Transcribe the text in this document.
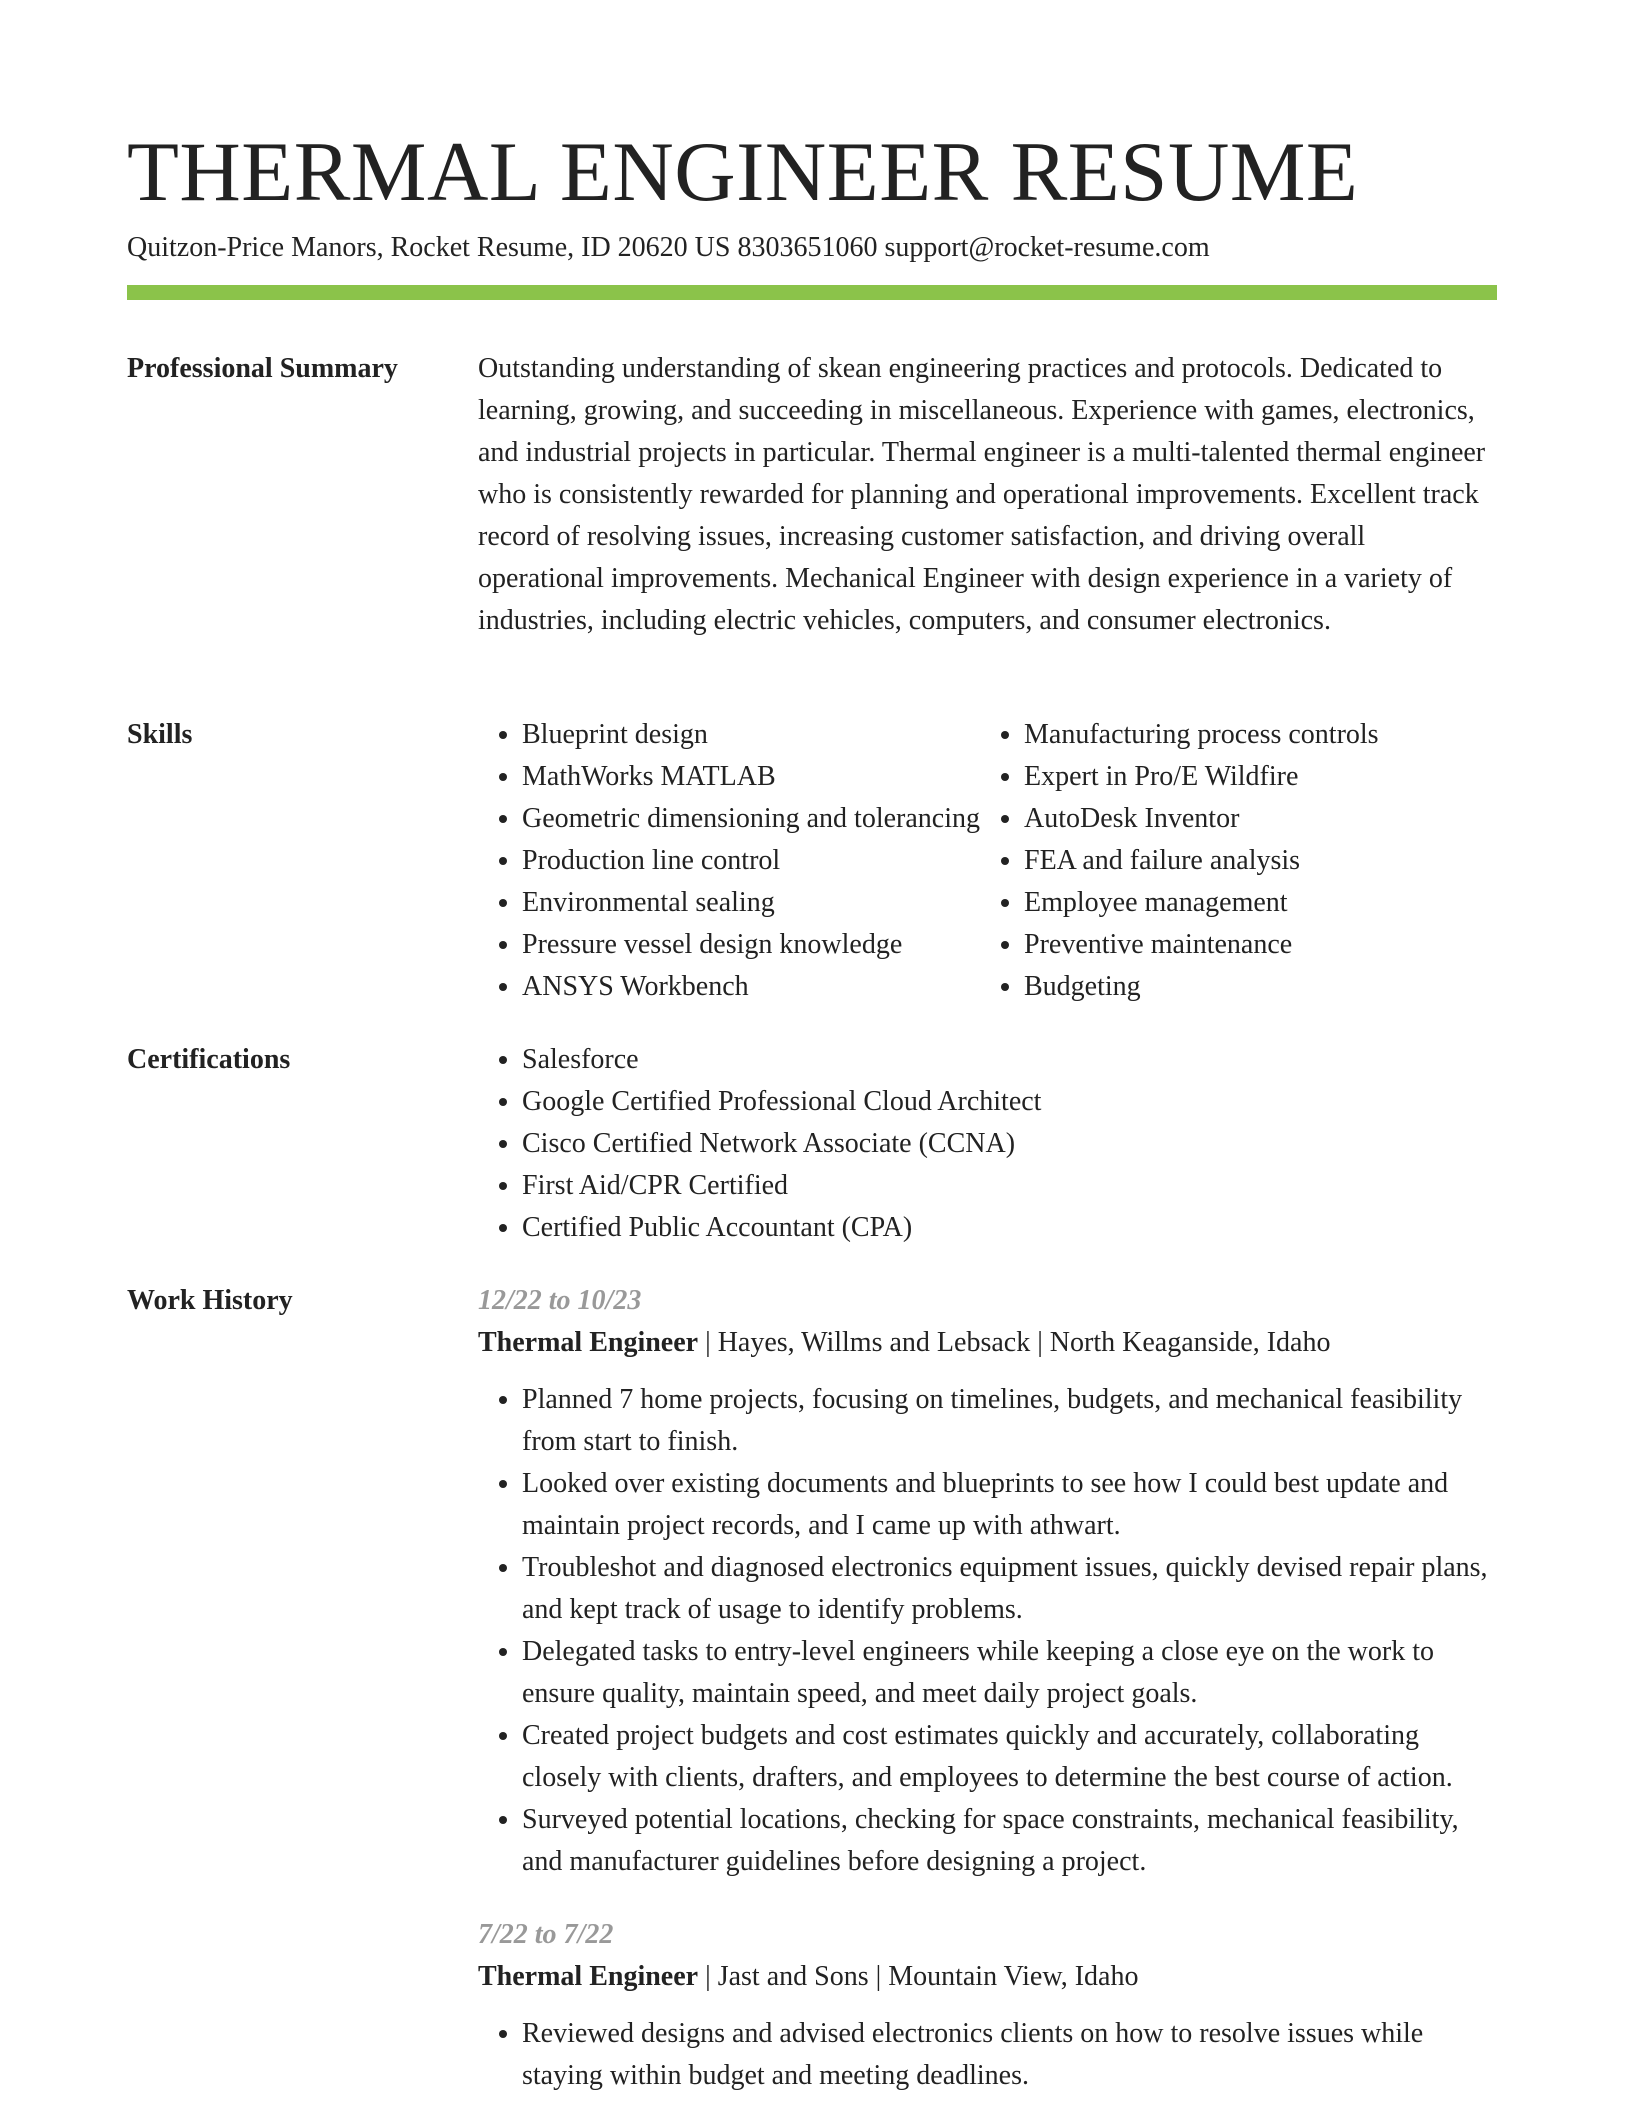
THERMAL ENGINEER RESUME
Quitzon-Price Manors, Rocket Resume, ID 20620 US 8303651060 support@rocket-resume.com
Professional Summary	Outstanding understanding of skean engineering practices and protocols. Dedicated to learning, growing, and succeeding in miscellaneous. Experience with games, electronics, and industrial projects in particular. Thermal engineer is a multi-talented thermal engineer who is consistently rewarded for planning and operational improvements. Excellent track record of resolving issues, increasing customer satisfaction, and driving overall operational improvements. Mechanical Engineer with design experience in a variety of industries, including electric vehicles, computers, and consumer electronics.

Skills	• Blueprint design
• MathWorks MATLAB
• Geometric dimensioning and tolerancing
• Production line control
• Environmental sealing
• Pressure vessel design knowledge
• ANSYS Workbench
• Manufacturing process controls
• Expert in Pro/E Wildfire
• AutoDesk Inventor
• FEA and failure analysis
• Employee management
• Preventive maintenance
• Budgeting
Certifications	• Salesforce
• Google Certified Professional Cloud Architect
• Cisco Certified Network Associate (CCNA)
• First Aid/CPR Certified
• Certified Public Accountant (CPA)
Work History	12/22 to 10/23
Thermal Engineer | Hayes, Willms and Lebsack | North Keaganside, Idaho
• Planned 7 home projects, focusing on timelines, budgets, and mechanical feasibility from start to finish.
• Looked over existing documents and blueprints to see how I could best update and maintain project records, and I came up with athwart.
• Troubleshot and diagnosed electronics equipment issues, quickly devised repair plans, and kept track of usage to identify problems.
• Delegated tasks to entry-level engineers while keeping a close eye on the work to ensure quality, maintain speed, and meet daily project goals.
• Created project budgets and cost estimates quickly and accurately, collaborating closely with clients, drafters, and employees to determine the best course of action.
• Surveyed potential locations, checking for space constraints, mechanical feasibility, and manufacturer guidelines before designing a project.
7/22 to 7/22
Thermal Engineer | Jast and Sons | Mountain View, Idaho
• Reviewed designs and advised electronics clients on how to resolve issues while staying within budget and meeting deadlines.
